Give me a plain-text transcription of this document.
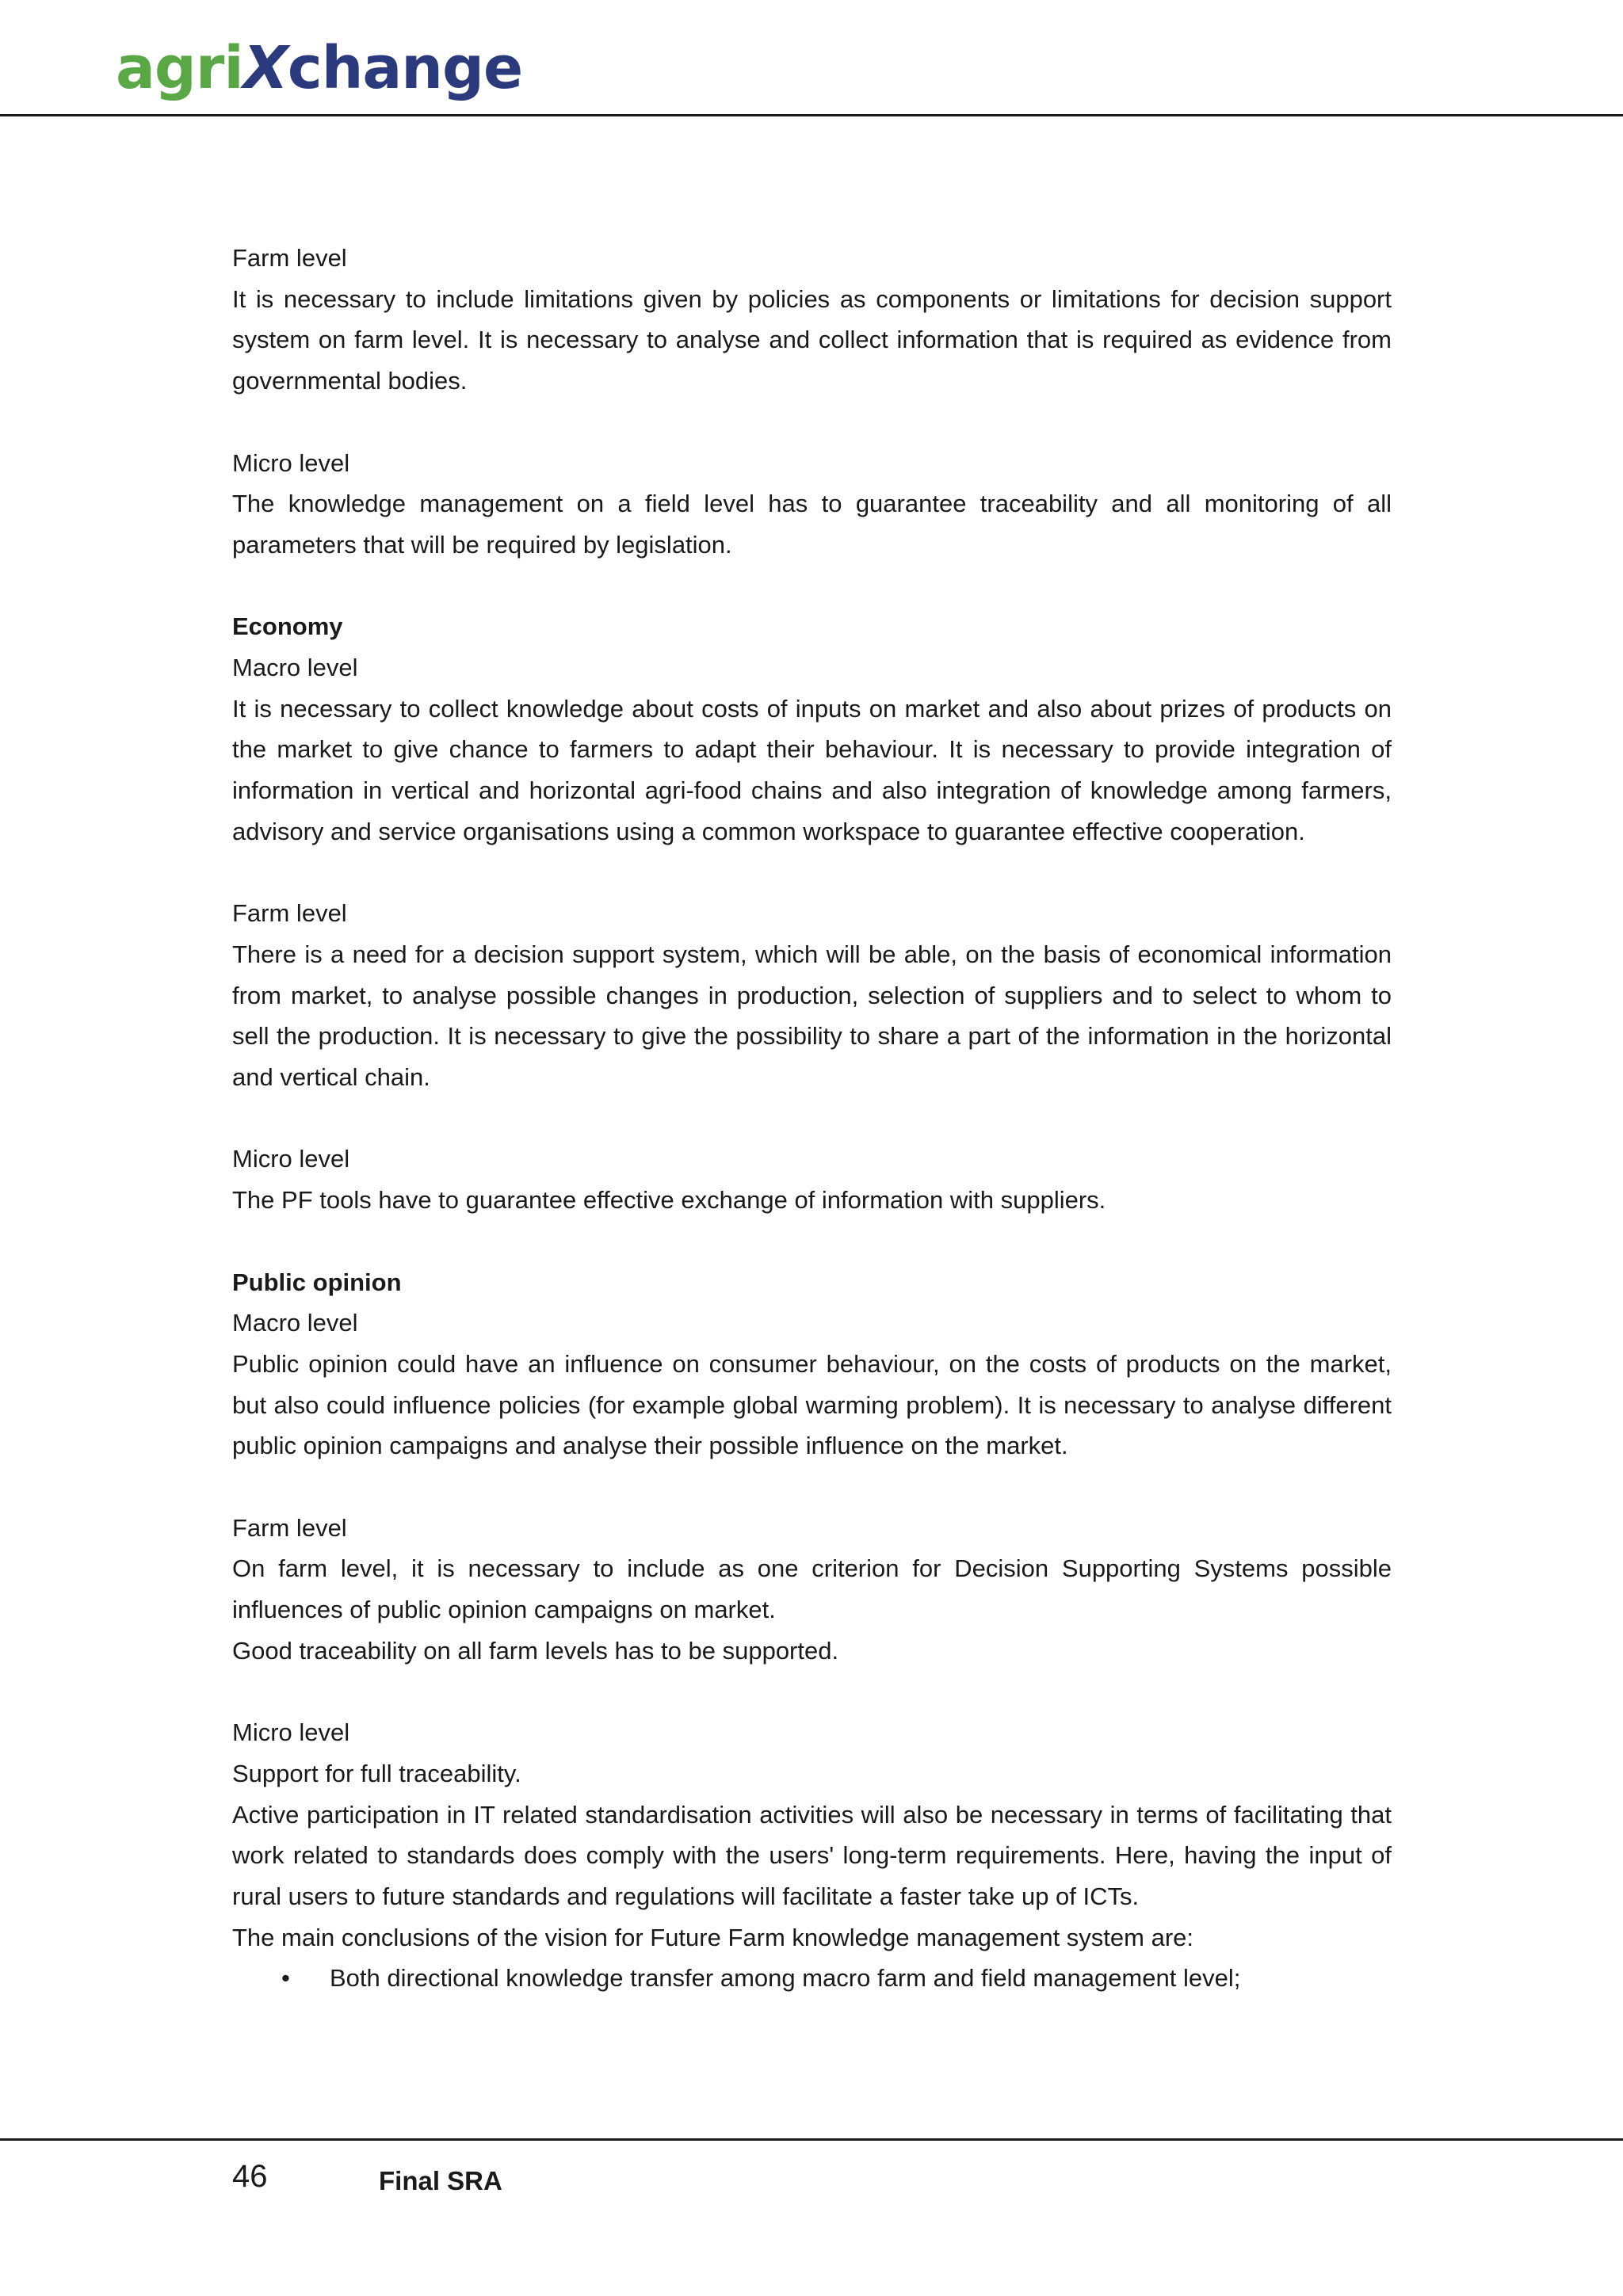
agriXchange

Farm level

It is necessary to include limitations given by policies as components or limitations for decision support system on farm level. It is necessary to analyse and collect information that is required as evidence from governmental bodies.

Micro level

The knowledge management on a field level has to guarantee traceability and all monitoring of all parameters that will be required by legislation.

Economy

Macro level

It is necessary to collect knowledge about costs of inputs on market and also about prizes of products on the market to give chance to farmers to adapt their behaviour. It is necessary to provide integration of information in vertical and horizontal agri-food chains and also integration of knowledge among farmers, advisory and service organisations using a common workspace to guarantee effective cooperation.

Farm level

There is a need for a decision support system, which will be able, on the basis of economical information from market, to analyse possible changes in production, selection of suppliers and to select to whom to sell the production. It is necessary to give the possibility to share a part of the information in the horizontal and vertical chain.

Micro level

The PF tools have to guarantee effective exchange of information with suppliers.

Public opinion

Macro level

Public opinion could have an influence on consumer behaviour, on the costs of products on the market, but also could influence policies (for example global warming problem). It is necessary to analyse different public opinion campaigns and analyse their possible influence on the market.

Farm level

On farm level, it is necessary to include as one criterion for Decision Supporting Systems possible influences of public opinion campaigns on market.

Good traceability on all farm levels has to be supported.

Micro level

Support for full traceability.

Active participation in IT related standardisation activities will also be necessary in terms of facilitating that work related to standards does comply with the users' long-term requirements. Here, having the input of rural users to future standards and regulations will facilitate a faster take up of ICTs.

The main conclusions of the vision for Future Farm knowledge management system are:

• Both directional knowledge transfer among macro farm and field management level;
46	Final SRA
